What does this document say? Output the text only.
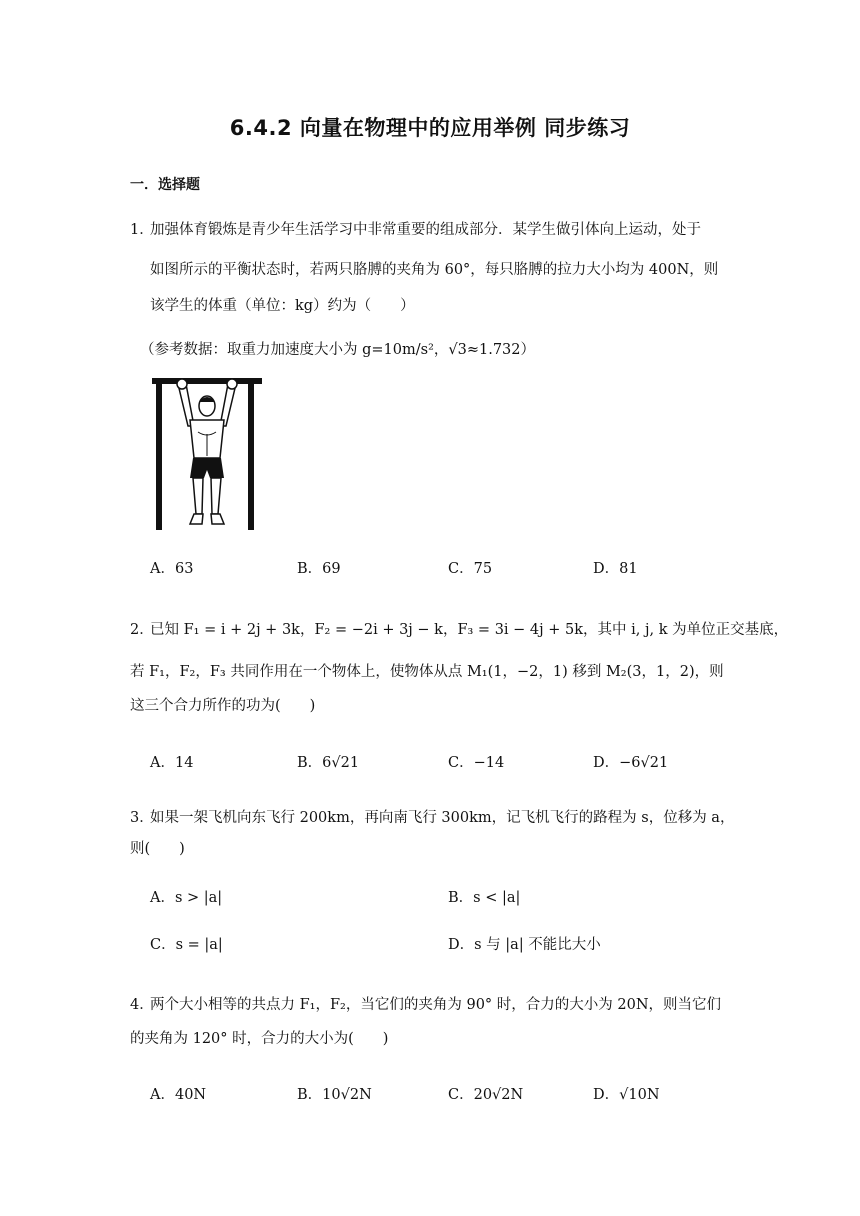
6.4.2 向量在物理中的应用举例 同步练习
一．选择题
1．
加强体育锻炼是青少年生活学习中非常重要的组成部分．某学生做引体向上运动，处于
如图所示的平衡状态时，若两只胳膊的夹角为 60°，每只胳膊的拉力大小均为 400N，则
该学生的体重（单位：kg）约为（　　）
（参考数据：取重力加速度大小为 g=10m/s²，√3≈1.732）
A．63	B．69	C．75	D．81
2．
已知 F₁ = i + 2j + 3k，F₂ = −2i + 3j − k，F₃ = 3i − 4j + 5k，其中 i, j, k 为单位正交基底，
若 F₁，F₂，F₃ 共同作用在一个物体上，使物体从点 M₁(1，−2，1) 移到 M₂(3，1，2)，则
这三个合力所作的功为(　　)
A．14	B．6√21	C．−14	D．−6√21
3．
如果一架飞机向东飞行 200km，再向南飞行 300km，记飞机飞行的路程为 s，位移为 a，
则(　　)
A．s > |a|	B．s < |a|
C．s = |a|	D．s 与 |a| 不能比大小
4．
两个大小相等的共点力 F₁，F₂，当它们的夹角为 90° 时，合力的大小为 20N，则当它们
的夹角为 120° 时，合力的大小为(　　)
A．40N	B．10√2N	C．20√2N	D．√10N
